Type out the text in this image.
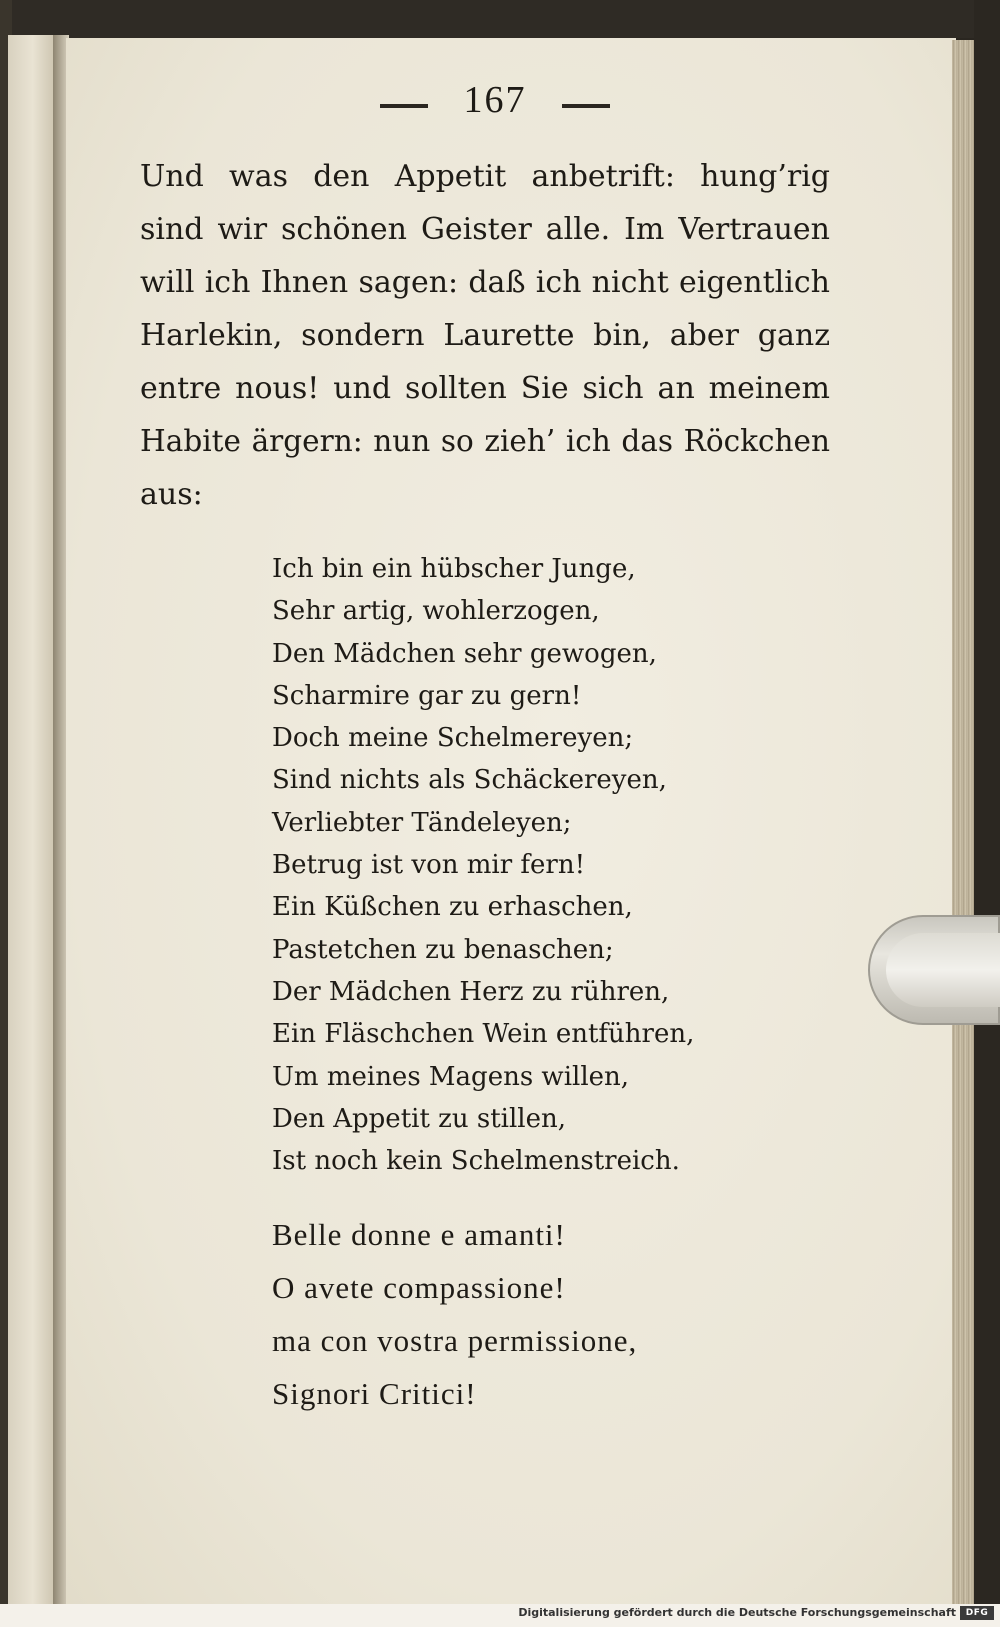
167
Und was den Appetit anbetrift: hung’rig
sind wir schönen Geister alle. Im Vertrauen
will ich Ihnen sagen: daß ich nicht eigentlich
Harlekin, sondern Laurette bin, aber ganz
entre nous! und sollten Sie sich an meinem
Habite ärgern: nun so zieh’ ich das Röckchen
aus:
Ich bin ein hübscher Junge,
Sehr artig, wohlerzogen,
Den Mädchen sehr gewogen,
Scharmire gar zu gern!
Doch meine Schelmereyen;
Sind nichts als Schäckereyen,
Verliebter Tändeleyen;
Betrug ist von mir fern!
Ein Küßchen zu erhaschen,
Pastetchen zu benaschen;
Der Mädchen Herz zu rühren,
Ein Fläschchen Wein entführen,
Um meines Magens willen,
Den Appetit zu stillen,
Ist noch kein Schelmenstreich.
Belle donne e amanti!
O avete compassione!
ma con vostra permissione,
Signori Critici!
Digitalisierung gefördert durch die Deutsche Forschungsgemeinschaft	DFG
